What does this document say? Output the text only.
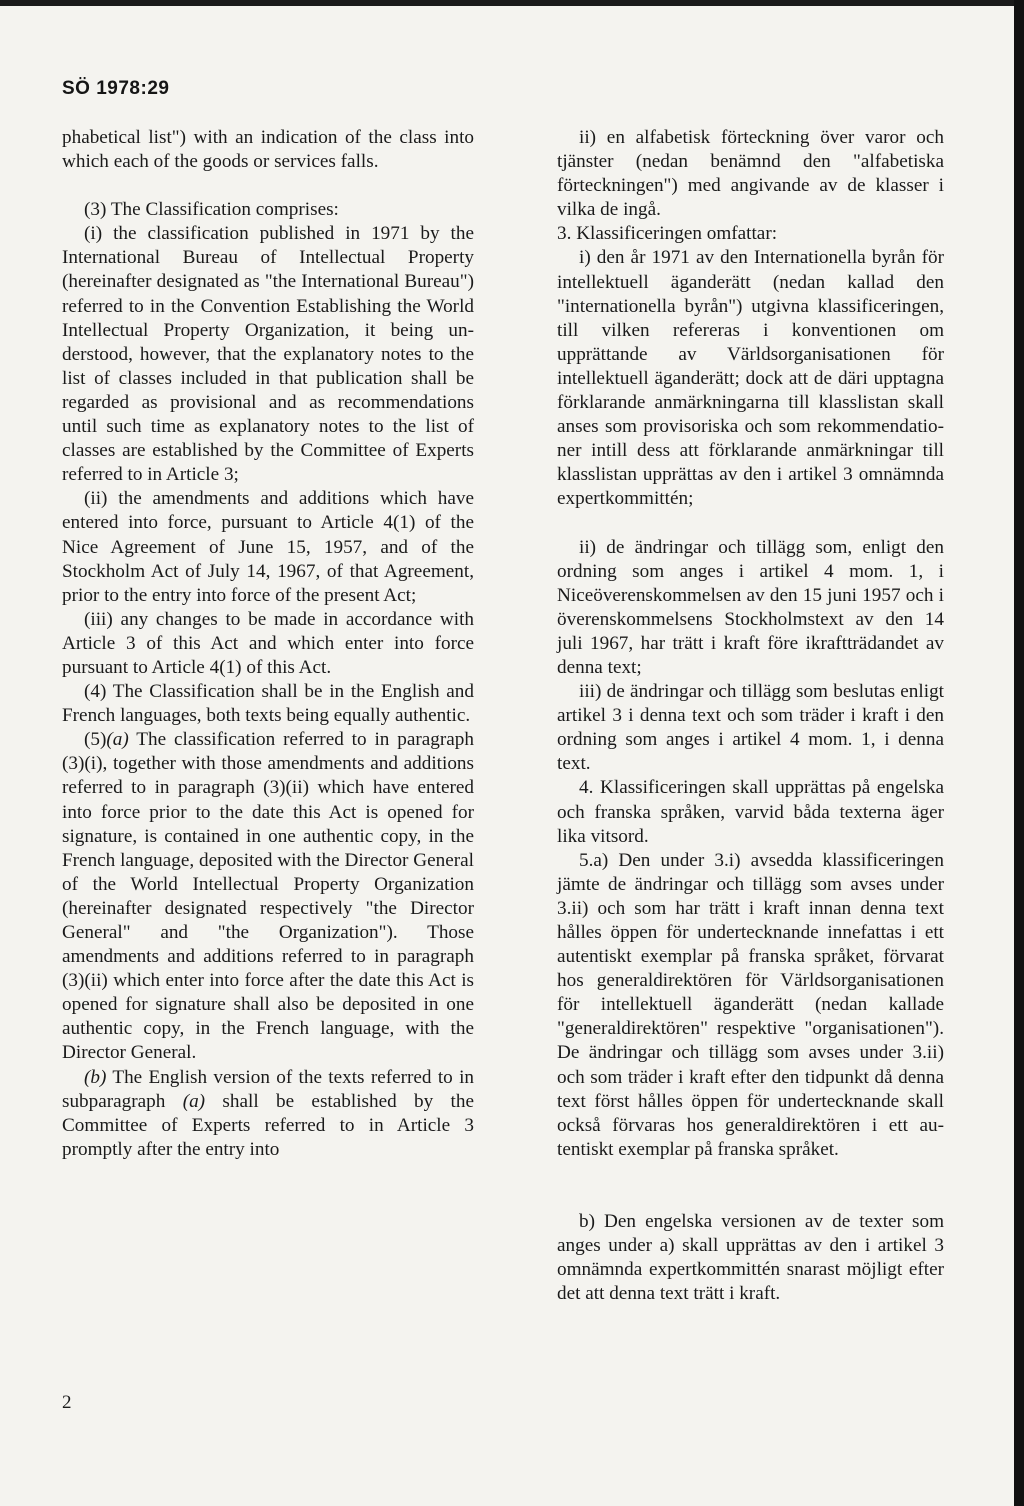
SÖ 1978:29

phabetical list") with an indication of the class into which each of the goods or services falls.

(3) The Classification comprises:

(i) the classification published in 1971 by the International Bureau of Intellectual Property (hereinafter designated as "the International Bureau") referred to in the Convention Establishing the World Intellectual Property Organization, it being understood, however, that the explanatory notes to the list of classes included in that publication shall be regarded as provisional and as recommendations until such time as explanatory notes to the list of classes are established by the Committee of Experts referred to in Article 3;

(ii) the amendments and additions which have entered into force, pursuant to Article 4(1) of the Nice Agreement of June 15, 1957, and of the Stockholm Act of July 14, 1967, of that Agreement, prior to the entry into force of the present Act;

(iii) any changes to be made in accordance with Article 3 of this Act and which enter into force pursuant to Article 4(1) of this Act.

(4) The Classification shall be in the English and French languages, both texts being equally authentic.

(5)(a) The classification referred to in paragraph (3)(i), together with those amendments and additions referred to in paragraph (3)(ii) which have entered into force prior to the date this Act is opened for signature, is contained in one authentic copy, in the French language, deposited with the Director General of the World Intellectual Property Organization (hereinafter designated respectively "the Director General" and "the Organization"). Those amendments and additions referred to in paragraph (3)(ii) which enter into force after the date this Act is opened for signature shall also be deposited in one authentic copy, in the French language, with the Director General.

(b) The English version of the texts referred to in subparagraph (a) shall be established by the Committee of Experts referred to in Article 3 promptly after the entry into

ii) en alfabetisk förteckning över varor och tjänster (nedan benämnd den "alfabetiska förteckningen") med angivande av de klasser i vilka de ingå.

3. Klassificeringen omfattar:

i) den år 1971 av den Internationella byrån för intellektuell äganderätt (nedan kallad den "internationella byrån") utgivna klassificeringen, till vilken refereras i konventionen om upprättande av Världsorganisationen för intellektuell äganderätt; dock att de däri upptagna förklarande anmärkningarna till klasslistan skall anses som provisoriska och som rekommendationer intill dess att förklarande anmärkningar till klasslistan upprättas av den i artikel 3 omnämnda expertkommittén;

ii) de ändringar och tillägg som, enligt den ordning som anges i artikel 4 mom. 1, i Niceöverenskommelsen av den 15 juni 1957 och i överenskommelsens Stockholmstext av den 14 juli 1967, har trätt i kraft före ikraftträdandet av denna text;

iii) de ändringar och tillägg som beslutas enligt artikel 3 i denna text och som träder i kraft i den ordning som anges i artikel 4 mom. 1, i denna text.

4. Klassificeringen skall upprättas på engelska och franska språken, varvid båda texterna äger lika vitsord.

5.a) Den under 3.i) avsedda klassificeringen jämte de ändringar och tillägg som avses under 3.ii) och som har trätt i kraft innan denna text hålles öppen för undertecknande innefattas i ett autentiskt exemplar på franska språket, förvarat hos generaldirektören för Världsorganisationen för intellektuell äganderätt (nedan kallade "generaldirektören" respektive "organisationen"). De ändringar och tillägg som avses under 3.ii) och som träder i kraft efter den tidpunkt då denna text först hålles öppen för undertecknande skall också förvaras hos generaldirektören i ett autentiskt exemplar på franska språket.

b) Den engelska versionen av de texter som anges under a) skall upprättas av den i artikel 3 omnämnda expertkommittén snarast möjligt efter det att denna text trätt i kraft.

2
